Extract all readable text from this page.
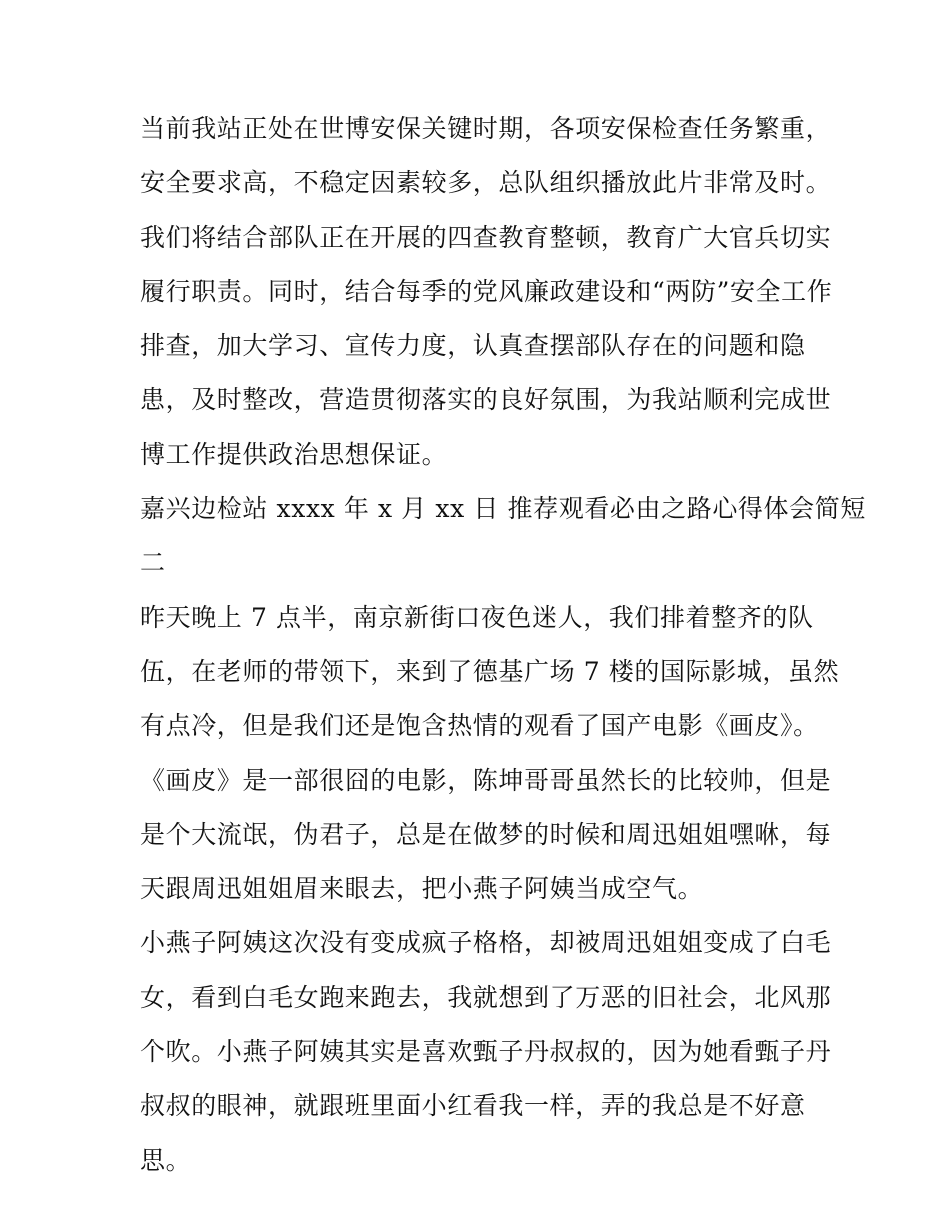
当前我站正处在世博安保关键时期，各项安保检查任务繁重，
安全要求高，不稳定因素较多，总队组织播放此片非常及时。
我们将结合部队正在开展的四查教育整顿，教育广大官兵切实
履行职责。同时，结合每季的党风廉政建设和“两防”安全工作
排查，加大学习、宣传力度，认真查摆部队存在的问题和隐
患，及时整改，营造贯彻落实的良好氛围，为我站顺利完成世
博工作提供政治思想保证。
嘉兴边检站 xxxx 年 x 月 xx 日 推荐观看必由之路心得体会简短
二
昨天晚上 7 点半，南京新街口夜色迷人，我们排着整齐的队
伍，在老师的带领下，来到了德基广场 7 楼的国际影城，虽然
有点冷，但是我们还是饱含热情的观看了国产电影《画皮》。
《画皮》是一部很囧的电影，陈坤哥哥虽然长的比较帅，但是
是个大流氓，伪君子，总是在做梦的时候和周迅姐姐嘿咻，每
天跟周迅姐姐眉来眼去，把小燕子阿姨当成空气。
小燕子阿姨这次没有变成疯子格格，却被周迅姐姐变成了白毛
女，看到白毛女跑来跑去，我就想到了万恶的旧社会，北风那
个吹。小燕子阿姨其实是喜欢甄子丹叔叔的，因为她看甄子丹
叔叔的眼神，就跟班里面小红看我一样，弄的我总是不好意
思。
